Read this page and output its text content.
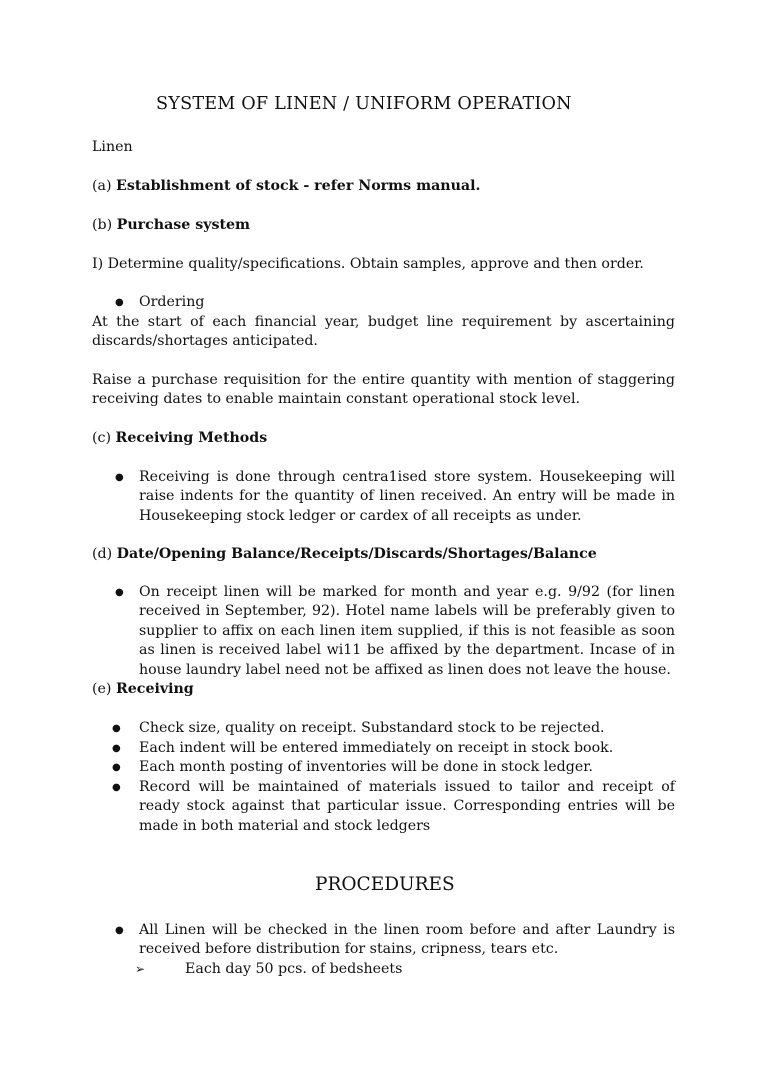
SYSTEM OF LINEN / UNIFORM OPERATION

Linen

(a) Establishment of stock - refer Norms manual.

(b) Purchase system

I) Determine quality/specifications. Obtain samples, approve and then order.

● Ordering

At the start of each financial year, budget line requirement by ascertaining discards/shortages anticipated.

Raise a purchase requisition for the entire quantity with mention of staggering receiving dates to enable maintain constant operational stock level.

(c) Receiving Methods

● Receiving is done through centra1ised store system. Housekeeping will raise indents for the quantity of linen received. An entry will be made in Housekeeping stock ledger or cardex of all receipts as under.

(d) Date/Opening Balance/Receipts/Discards/Shortages/Balance

● On receipt linen will be marked for month and year e.g. 9/92 (for linen received in September, 92). Hotel name labels will be preferably given to supplier to affix on each linen item supplied, if this is not feasible as soon as linen is received label wi11 be affixed by the department. Incase of in house laundry label need not be affixed as linen does not leave the house.

(e) Receiving

● Check size, quality on receipt. Substandard stock to be rejected.

● Each indent will be entered immediately on receipt in stock book.

● Each month posting of inventories will be done in stock ledger.

● Record will be maintained of materials issued to tailor and receipt of ready stock against that particular issue. Corresponding entries will be made in both material and stock ledgers

PROCEDURES
● All Linen will be checked in the linen room before and after Laundry is received before distribution for stains, cripness, tears etc.

➢	Each day 50 pcs. of bedsheets
